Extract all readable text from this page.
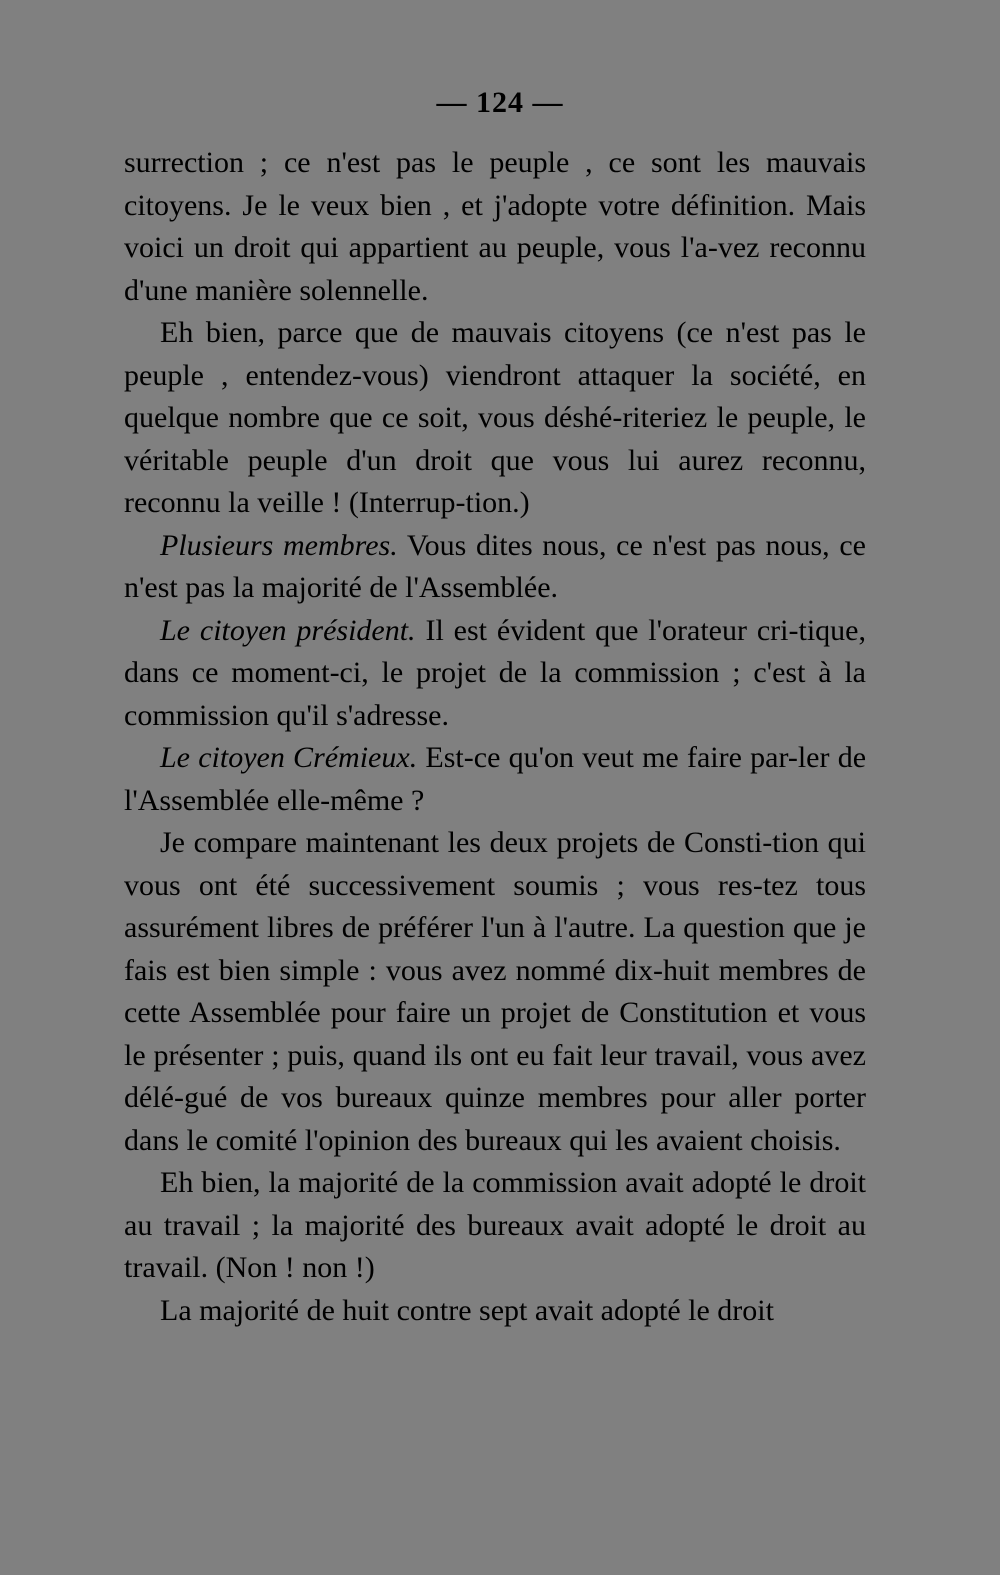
— 124 —

surrection ; ce n'est pas le peuple , ce sont les mauvais citoyens. Je le veux bien , et j'adopte votre définition. Mais voici un droit qui appartient au peuple, vous l'a-vez reconnu d'une manière solennelle.

Eh bien, parce que de mauvais citoyens (ce n'est pas le peuple , entendez-vous) viendront attaquer la société, en quelque nombre que ce soit, vous déshé-riteriez le peuple, le véritable peuple d'un droit que vous lui aurez reconnu, reconnu la veille ! (Interrup-tion.)

Plusieurs membres. Vous dites nous, ce n'est pas nous, ce n'est pas la majorité de l'Assemblée.

Le citoyen président. Il est évident que l'orateur cri-tique, dans ce moment-ci, le projet de la commission ; c'est à la commission qu'il s'adresse.

Le citoyen Crémieux. Est-ce qu'on veut me faire par-ler de l'Assemblée elle-même ?

Je compare maintenant les deux projets de Consti-tion qui vous ont été successivement soumis ; vous res-tez tous assurément libres de préférer l'un à l'autre. La question que je fais est bien simple : vous avez nommé dix-huit membres de cette Assemblée pour faire un projet de Constitution et vous le présenter ; puis, quand ils ont eu fait leur travail, vous avez délé-gué de vos bureaux quinze membres pour aller porter dans le comité l'opinion des bureaux qui les avaient choisis.

Eh bien, la majorité de la commission avait adopté le droit au travail ; la majorité des bureaux avait adopté le droit au travail. (Non ! non !)

La majorité de huit contre sept avait adopté le droit
